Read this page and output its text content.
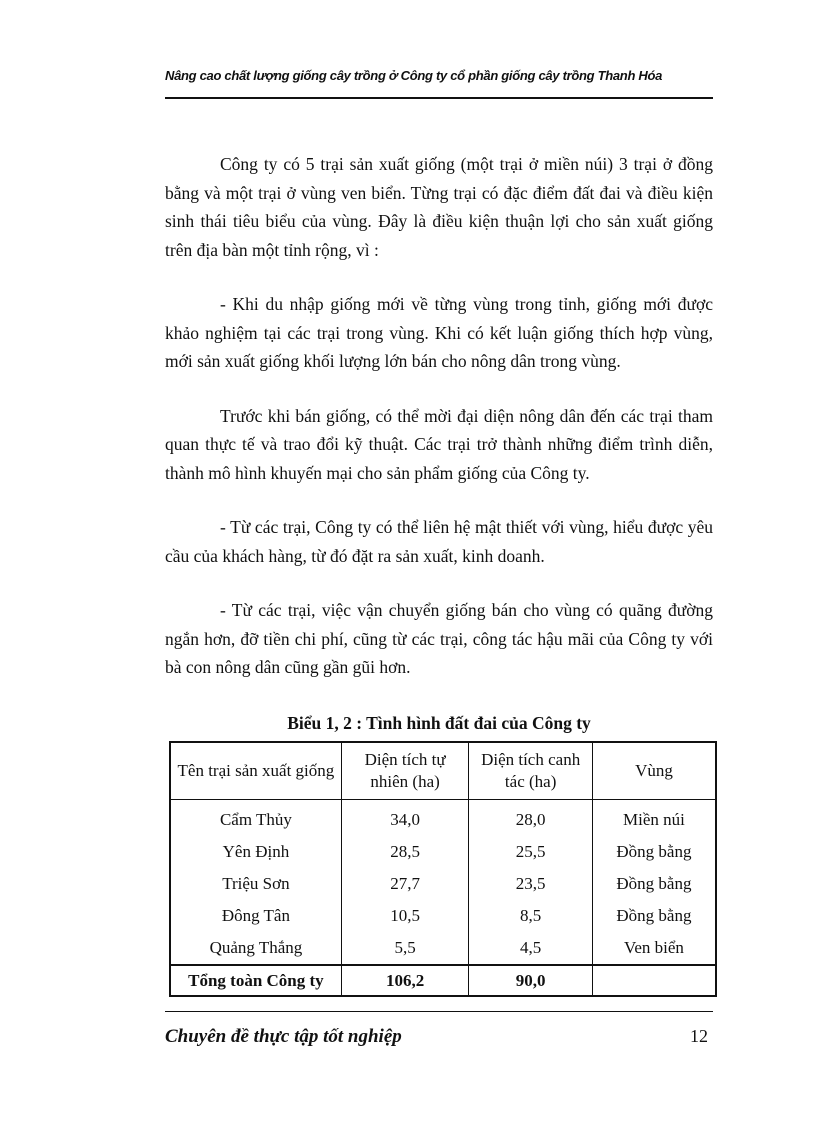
Nâng cao chất lượng giống cây trồng ở Công ty cổ phần giống cây trồng Thanh Hóa

Công ty có 5 trại sản xuất giống (một trại ở miền núi) 3 trại ở đồng bằng và một trại ở vùng ven biển. Từng trại có đặc điểm đất đai và điều kiện sinh thái tiêu biểu của vùng. Đây là điều kiện thuận lợi cho sản xuất giống trên địa bàn một tỉnh rộng, vì :

- Khi du nhập giống mới về từng vùng trong tỉnh, giống mới được khảo nghiệm tại các trại trong vùng. Khi có kết luận giống thích hợp vùng, mới sản xuất giống khối lượng lớn bán cho nông dân trong vùng.

Trước khi bán giống, có thể mời đại diện nông dân đến các trại tham quan thực tế và trao đổi kỹ thuật. Các trại trở thành những điểm trình diễn, thành mô hình khuyến mại cho sản phẩm giống của Công ty.

- Từ các trại, Công ty có thể liên hệ mật thiết với vùng, hiểu được yêu cầu của khách hàng, từ đó đặt ra sản xuất, kinh doanh.

- Từ các trại, việc vận chuyển giống bán cho vùng có quãng đường ngắn hơn, đỡ tiền chi phí, cũng từ các trại, công tác hậu mãi của Công ty với bà con nông dân cũng gần gũi hơn.

Biểu 1, 2 : Tình hình đất đai của Công ty
Tên trại sản xuất giống	Diện tích tự nhiên (ha)	Diện tích canh tác (ha)	Vùng
Cẩm Thủy	34,0	28,0	Miền núi
Yên Định	28,5	25,5	Đồng bằng
Triệu Sơn	27,7	23,5	Đồng bằng
Đông Tân	10,5	8,5	Đồng bằng
Quảng Thắng	5,5	4,5	Ven biển
Tổng toàn Công ty	106,2	90,0	
Chuyên đề thực tập tốt nghiệp	12
